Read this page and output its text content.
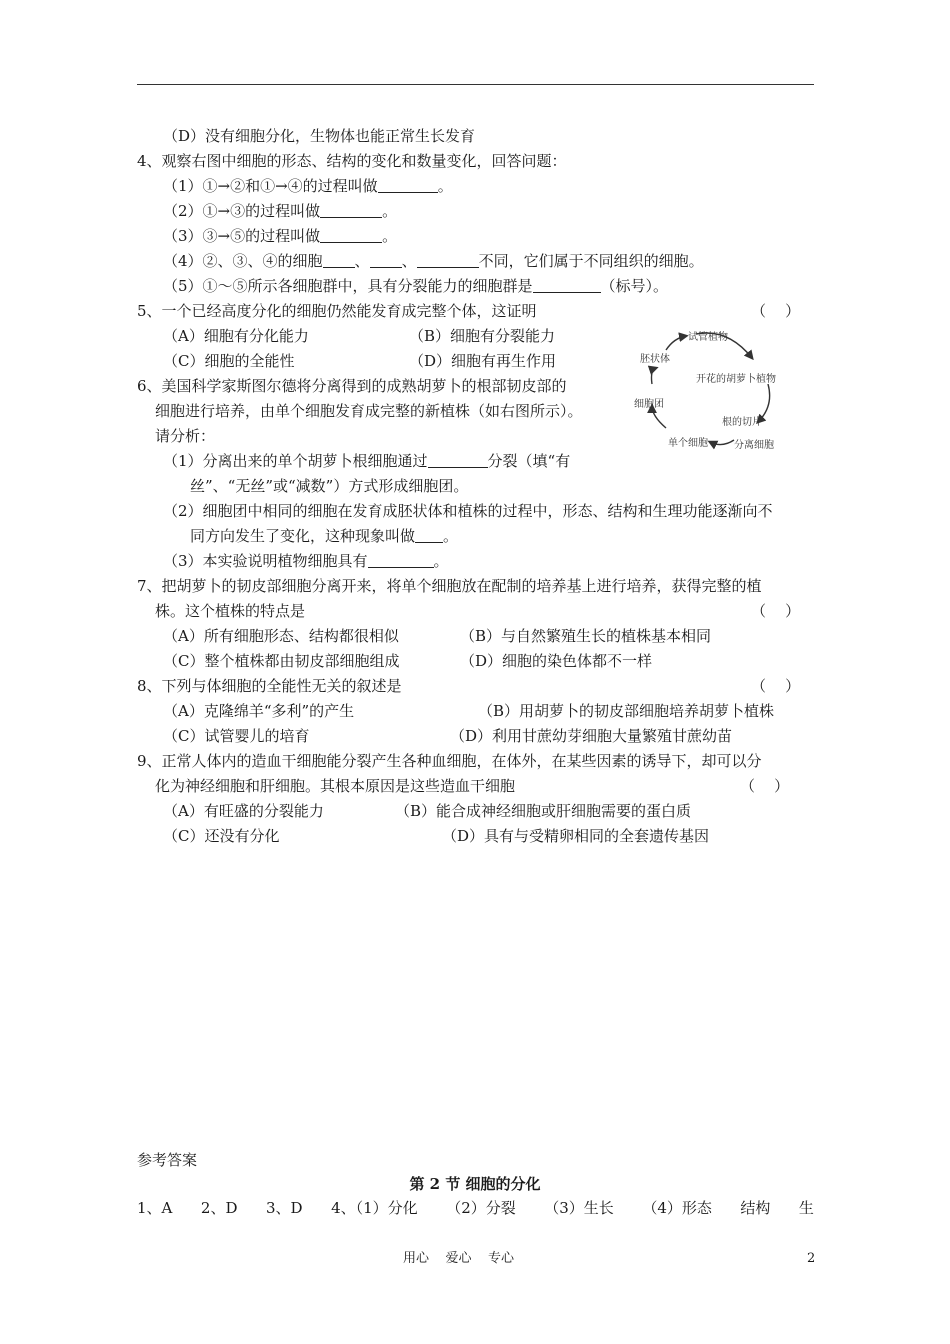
（D）没有细胞分化，生物体也能正常生长发育
4、观察右图中细胞的形态、结构的变化和数量变化，回答问题：
（1）①→②和①→④的过程叫做	。
（2）①→③的过程叫做	。
（3）③→⑤的过程叫做	。
（4）②、③、④的细胞 、 、	不同，它们属于不同组织的细胞。
（5）①～⑤所示各细胞群中，具有分裂能力的细胞群是	（标号）。
5、一个已经高度分化的细胞仍然能发育成完整个体，这证明	（    ）
（A）细胞有分化能力	（B）细胞有分裂能力
（C）细胞的全能性	（D）细胞有再生作用
试管植物
开花的胡萝卜植物
根的切片
分离细胞
单个细胞
细胞团
胚状体
6、美国科学家斯图尔德将分离得到的成熟胡萝卜的根部韧皮部的
细胞进行培养，由单个细胞发育成完整的新植株（如右图所示）。
请分析：
（1）分离出来的单个胡萝卜根细胞通过	分裂（填“有
丝”、“无丝”或“减数”）方式形成细胞团。
（2）细胞团中相同的细胞在发育成胚状体和植株的过程中，形态、结构和生理功能逐渐向不
同方向发生了变化，这种现象叫做 。
（3）本实验说明植物细胞具有	。
7、把胡萝卜的韧皮部细胞分离开来，将单个细胞放在配制的培养基上进行培养，获得完整的植
株。这个植株的特点是	（    ）
（A）所有细胞形态、结构都很相似	（B）与自然繁殖生长的植株基本相同
（C）整个植株都由韧皮部细胞组成	（D）细胞的染色体都不一样
8、下列与体细胞的全能性无关的叙述是	（    ）
（A）克隆绵羊“多利”的产生	（B）用胡萝卜的韧皮部细胞培养胡萝卜植株
（C）试管婴儿的培育	（D）利用甘蔗幼芽细胞大量繁殖甘蔗幼苗
9、正常人体内的造血干细胞能分裂产生各种血细胞，在体外，在某些因素的诱导下，却可以分
化为神经细胞和肝细胞。其根本原因是这些造血干细胞	（    ）
（A）有旺盛的分裂能力	（B）能合成神经细胞或肝细胞需要的蛋白质
（C）还没有分化	（D）具有与受精卵相同的全套遗传基因
参考答案
第 2 节 细胞的分化
1、A 2、D 3、D 4、（1）分化 （2）分裂 （3）生长 （4）形态 结构 生
用心    爱心    专心	2
